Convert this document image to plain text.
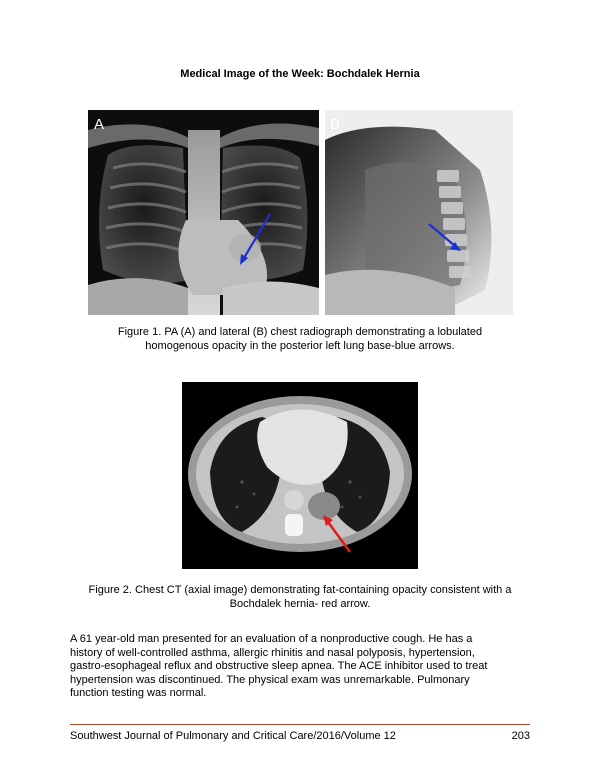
Medical Image of the Week: Bochdalek Hernia
A	B
Figure 1. PA (A) and lateral (B) chest radiograph demonstrating a lobulated
homogenous opacity in the posterior left lung base-blue arrows.
Figure 2. Chest CT (axial image) demonstrating fat-containing opacity consistent with a
Bochdalek hernia- red arrow.
A 61 year-old man presented for an evaluation of a nonproductive cough. He has a
history of well-controlled asthma, allergic rhinitis and nasal polyposis, hypertension,
gastro-esophageal reflux and obstructive sleep apnea. The ACE inhibitor used to treat
hypertension was discontinued. The physical exam was unremarkable. Pulmonary
function testing was normal.
Southwest Journal of Pulmonary and Critical Care/2016/Volume 12	203
